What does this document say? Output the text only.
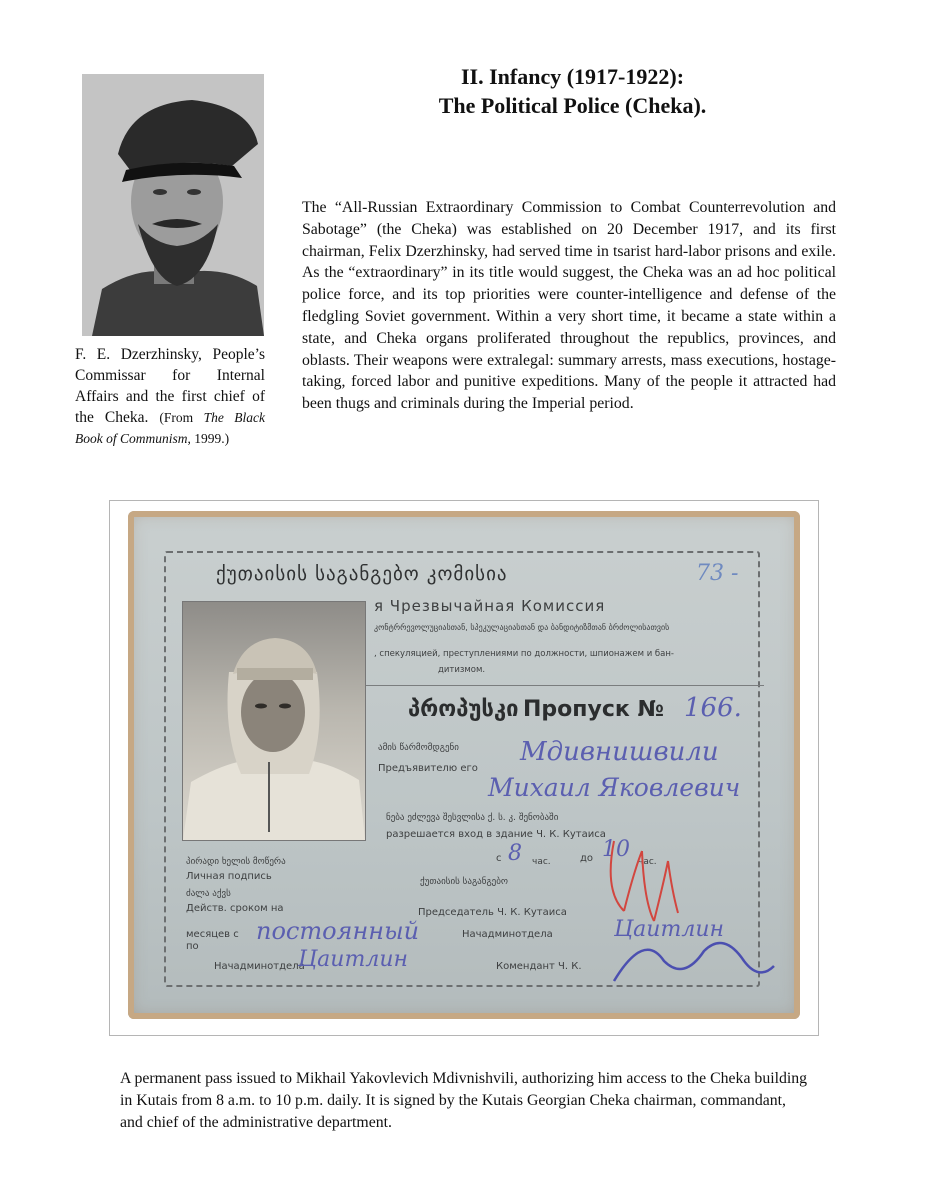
F. E. Dzerzhinsky, People’s Commissar for Internal Affairs and the first chief of the Cheka. (From The Black Book of Communism, 1999.)
II. Infancy (1917-1922):
The Political Police (Cheka).
The “All-Russian Extraordinary Commission to Combat Counterrevolution and Sabotage” (the Cheka) was established on 20 December 1917, and its first chairman, Felix Dzerzhinsky, had served time in tsarist hard-labor prisons and exile. As the “extraordinary” in its title would suggest, the Cheka was an ad hoc political police force, and its top priorities were counter-intelligence and defense of the fledgling Soviet government. Within a very short time, it became a state within a state, and Cheka organs proliferated throughout the republics, provinces, and oblasts. Their weapons were extralegal: summary arrests, mass executions, hostage-taking, forced labor and punitive expeditions. Many of the people it attracted had been thugs and criminals during the Imperial period.
ქუთაისის საგანგებო კომისია	73 -
я Чрезвычайная Комиссия
კონტრრევოლუციასთან, სპეკულაციასთან და ბანდიტიზმთან ბრძოლისათვის
, спекуляцией, преступлениями по должности, шпионажем и бан-
дитизмом.
პროპუსკი Пропуск № 166.
ამის წარმომდგენი
Предъявителю его
Мдивнишвили
Михаил Яковлевич
ნება ეძლევა შესვლისა ქ. ს. კ. შენობაში
разрешается вход в здание Ч. К. Кутаиса
с 8 час.	до 10 час.
პირადი ხელის მოწერა
Личная подпись
ძალა აქვს
Действ. сроком на
месяцев с
по
постоянный
ქუთაისის საგანგებო
Председатель Ч. К. Кутаиса
Начадминотдела	Цаитлин
Комендант Ч. К.
Начадминотдела
Цаитлин
A permanent pass issued to Mikhail Yakovlevich Mdivnishvili, authorizing him access to the Cheka building in Kutais from 8 a.m. to 10 p.m. daily. It is signed by the Kutais Georgian Cheka chairman, commandant, and chief of the administrative department.
